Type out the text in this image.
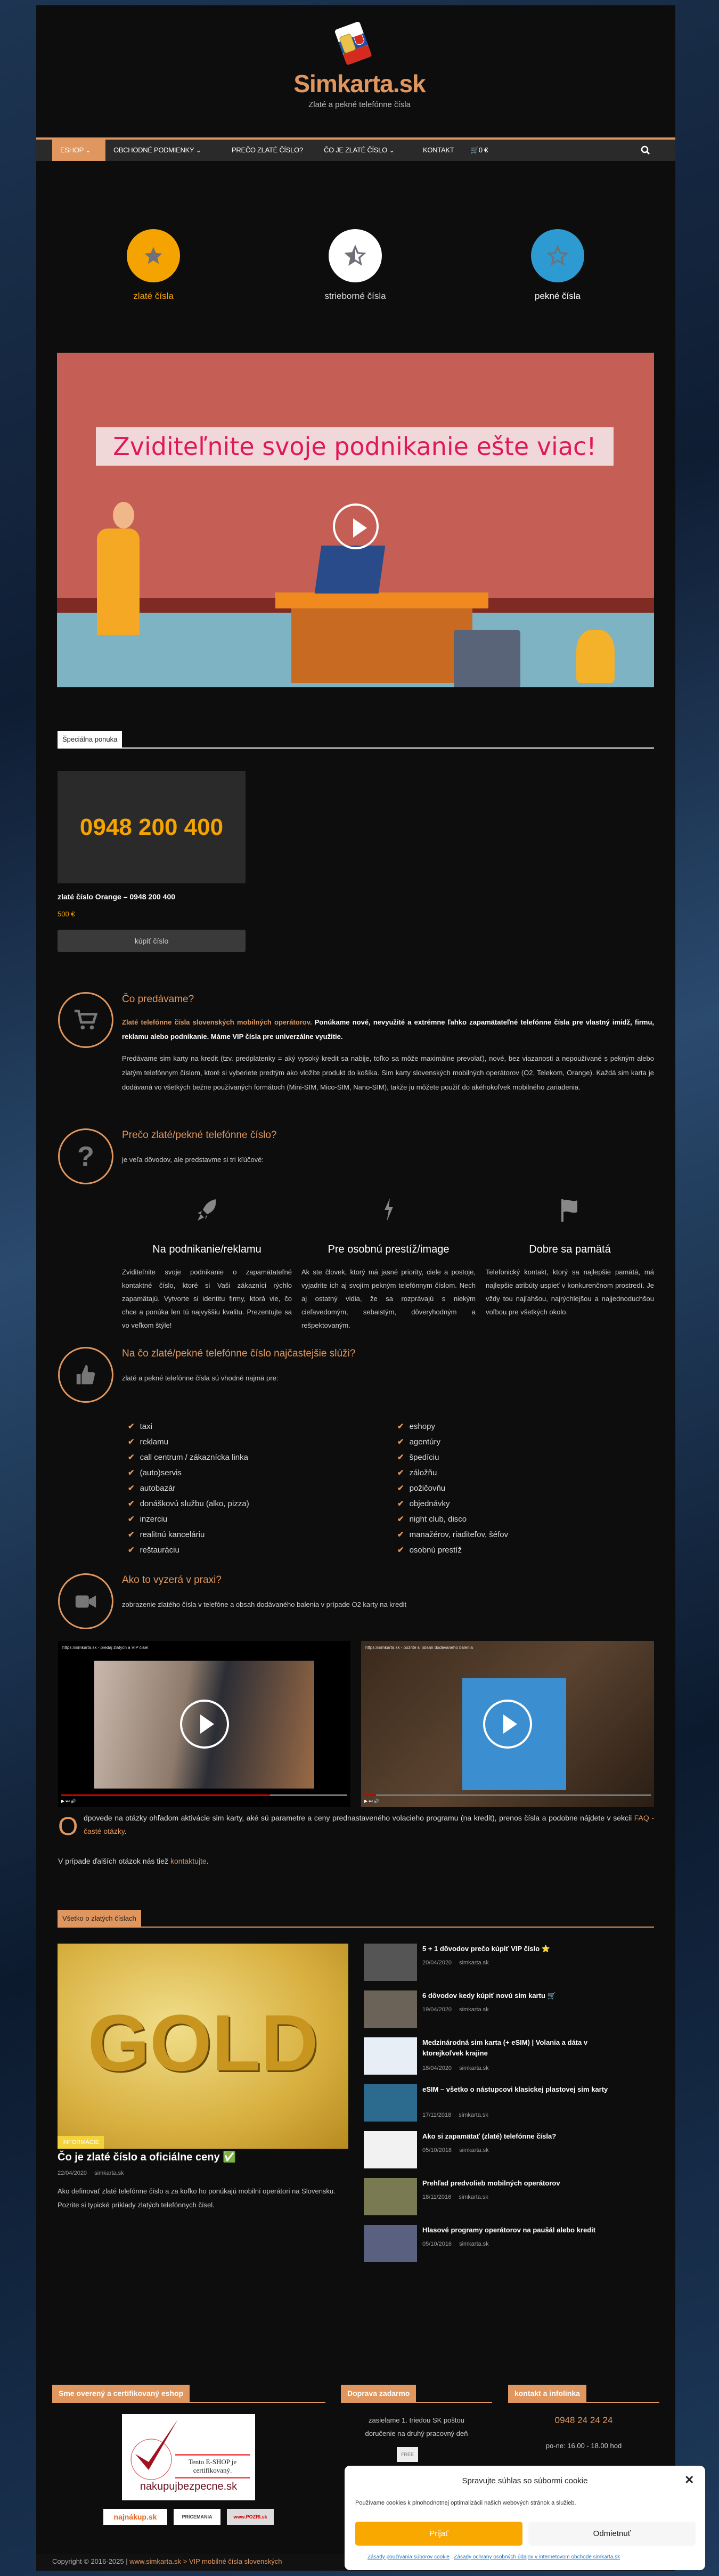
Simkarta.sk
Zlaté a pekné telefónne čísla
ESHOP ⌄	OBCHODNÉ PODMIENKY ⌄	PREČO ZLATÉ ČÍSLO?	ČO JE ZLATÉ ČÍSLO ⌄	KONTAKT 🛒0 €
zlaté čísla	strieborné čísla	pekné čísla
Zviditeľnite svoje podnikanie ešte viac!
Špeciálna ponuka
0948 200 400
zlaté číslo Orange – 0948 200 400
500 €
kúpiť číslo
Čo predávame?
Zlaté telefónne čísla slovenských mobilných operátorov. Ponúkame nové, nevyužité a extrémne ľahko zapamätateľné telefónne čísla pre vlastný imidž, firmu, reklamu alebo podnikanie. Máme VIP čísla pre univerzálne využitie.
Predávame sim karty na kredit (tzv. predplatenky = aký vysoký kredit sa nabije, toľko sa môže maximálne prevolať), nové, bez viazanosti a nepoužívané s pekným alebo zlatým telefónnym číslom, ktoré si vyberiete predtým ako vložíte produkt do košíka. Sim karty slovenských mobilných operátorov (O2, Telekom, Orange). Každá sim karta je dodávaná vo všetkých bežne používaných formátoch (Mini-SIM, Mico-SIM, Nano-SIM), takže ju môžete použiť do akéhokoľvek mobilného zariadenia.
?
Prečo zlaté/pekné telefónne číslo?
je veľa dôvodov, ale predstavme si tri kľúčové:
Na podnikanie/reklamu

Zviditeľnite svoje podnikanie o zapamätateľné kontaktné číslo, ktoré si Vaši zákazníci rýchlo zapamätajú. Vytvorte si identitu firmy, ktorá vie, čo chce a ponúka len tú najvyššiu kvalitu. Prezentujte sa vo veľkom štýle!

Pre osobnú prestíž/image

Ak ste človek, ktorý má jasné priority, ciele a postoje, vyjadrite ich aj svojím pekným telefónnym číslom. Nech aj ostatný vidia, že sa rozprávajú s niekým cieľavedomým, sebaistým, dôveryhodným a rešpektovaným.

Dobre sa pamätá

Telefonický kontakt, ktorý sa najlepšie pamätá, má najlepšie atribúty uspieť v konkurenčnom prostredí. Je vždy tou najľahšou, najrýchlejšou a najjednoduchšou voľbou pre všetkých okolo.

Na čo zlaté/pekné telefónne číslo najčastejšie slúži?
zlaté a pekné telefónne čísla sú vhodné najmä pre:
✔ taxi
✔ reklamu
✔ call centrum / zákaznícka linka
✔ (auto)servis
✔ autobazár
✔ donáškovú službu (alko, pizza)
✔ inzerciu
✔ realitnú kanceláriu
✔ reštauráciu
✔ eshopy
✔ agentúry
✔ špedíciu
✔ záložňu
✔ požičovňu
✔ objednávky
✔ night club, disco
✔ manažérov, riaditeľov, šéfov
✔ osobnú prestíž
Ako to vyzerá v praxi?
zobrazenie zlatého čísla v telefóne a obsah dodávaného balenia v prípade O2 karty na kredit
https://simkarta.sk - predaj zlatých a VIP čísel
▶ ⏭ 🔊
https://simkarta.sk - pozrite si obsah dodávaného balenia
▶ ⏭ 🔊
O dpovede na otázky ohľadom aktivácie sim karty, aké sú parametre a ceny prednastaveného volacieho programu (na kredit), prenos čísla a podobne nájdete v sekcii FAQ - časté otázky.
V prípade ďalších otázok nás tiež kontaktujte.
Všetko o zlatých číslach
GOLD
INFORMÁCIE
Čo je zlaté číslo a oficiálne ceny ✅
22/04/2020 simkarta.sk
Ako definovať zlaté telefónne číslo a za koľko ho ponúkajú mobilní operátori na Slovensku. Pozrite si typické príklady zlatých telefónnych čísel.
5 + 1 dôvodov prečo kúpiť VIP číslo ⭐
20/04/2020 simkarta.sk
6 dôvodov kedy kúpiť novú sim kartu 🛒
19/04/2020 simkarta.sk
Medzinárodná sim karta (+ eSIM) | Volania a dáta v ktorejkoľvek krajine
18/04/2020 simkarta.sk
eSIM – všetko o nástupcovi klasickej plastovej sim karty
17/11/2018 simkarta.sk
Ako si zapamätať (zlaté) telefónne čísla?
05/10/2018 simkarta.sk
Prehľad predvolieb mobilných operátorov
18/11/2016 simkarta.sk
Hlasové programy operátorov na paušál alebo kredit
05/10/2016 simkarta.sk
Sme overený a certifikovaný eshop
Tento E-SHOP je certifikovaný.
nakupujbezpecne.sk
najnákup.sk	PRICEMANIA	www.POZRI.sk
Doprava zadarmo
zasielame 1. triedou SK poštou
doručenie na druhý pracovný deň
FREE
kontakt a infolinka
0948 24 24 24
po-ne: 16.00 - 18.00 hod
Copyright © 2016-2025 | www.simkarta.sk > VIP mobilné čísla slovenských
Spravujte súhlas so súbormi cookie	✕
Používame cookies k plnohodnotnej optimalizácii našich webových stránok a služieb.
Prijať	Odmietnuť
Zásady používania súborov cookie Zásady ochrany osobných údajov v internetovom obchode simkarta.sk
